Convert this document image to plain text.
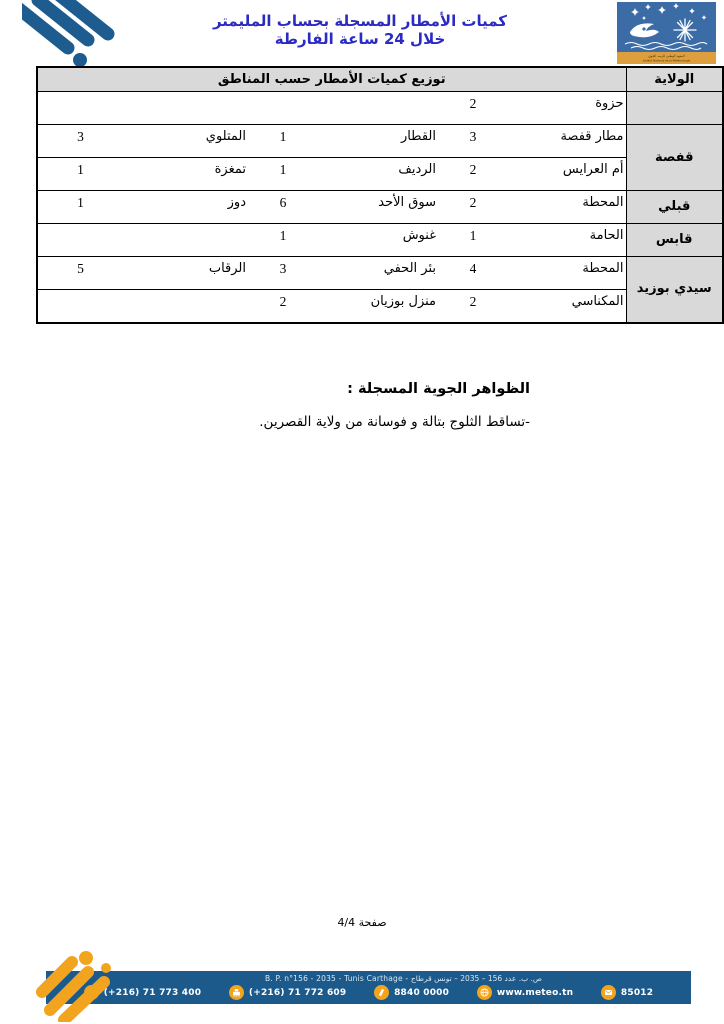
كميات الأمطار المسجلة بحساب المليمتر
خلال 24 ساعة الفارطة
المعهد الوطني للرصد الجوي
Institut National de la Météorologie
الولاية	توزيع كميات الأمطار حسب المناطق					
	حزوة	2				
قفصة	مطار قفصة	3	القطار	1	المتلوي	3
	أم العرايس	2	الرديف	1	تمغزة	1
قبلي	المحطة	2	سوق الأحد	6	دوز	1
قابس	الحامة	1	غنوش	1		
سيدي بوزيد	المحطة	4	بئر الحفي	3	الرقاب	5
	المكناسي	2	منزل بوزيان	2		
الظواهر الجوية المسجلة :
-تساقط الثلوج بتالة و فوسانة من ولاية القصرين.
صفحة 4/4
B. P. n°156 - 2035 - Tunis Carthage - ص. ب. عدد 156 – 2035 – تونس قرطاج
(+216) 71 773 400	(+216) 71 772 609	8840 0000	www.meteo.tn	85012
